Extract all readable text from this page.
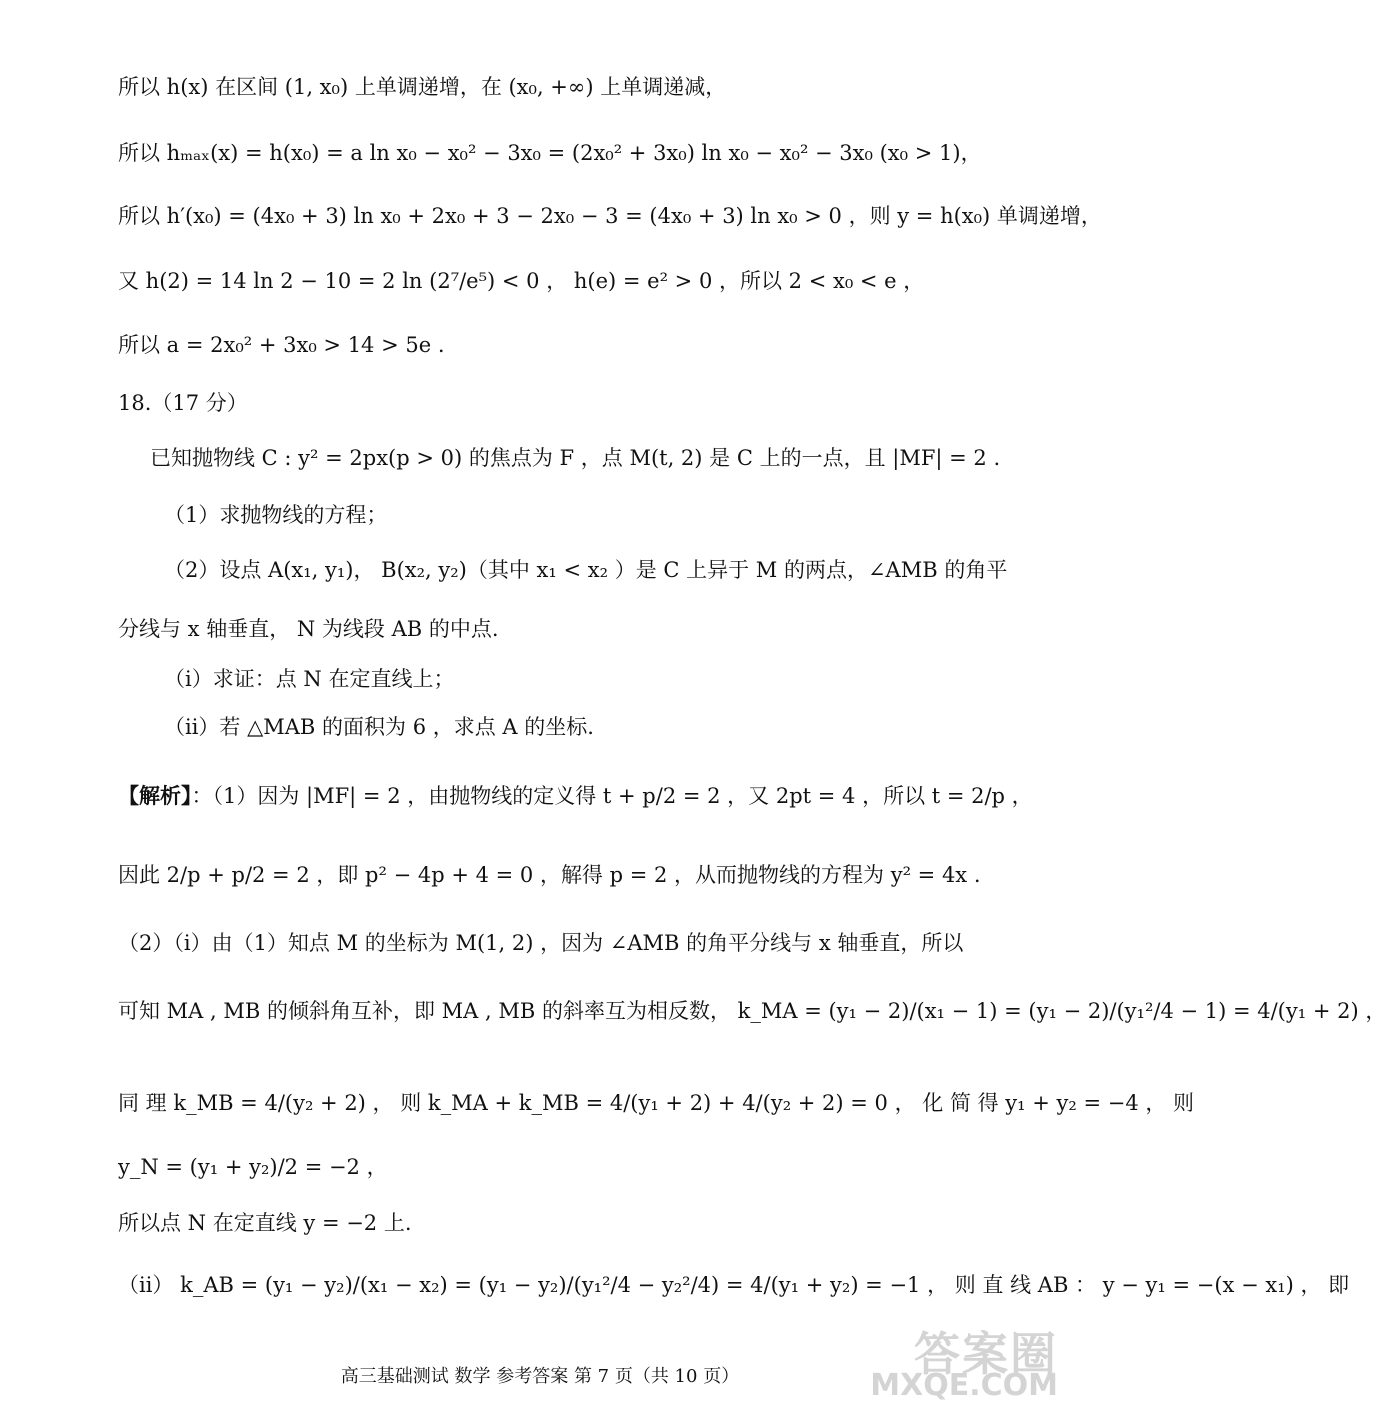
所以 h(x) 在区间 (1, x₀) 上单调递增，在 (x₀, +∞) 上单调递减，
所以 hₘₐₓ(x) = h(x₀) = a ln x₀ − x₀² − 3x₀ = (2x₀² + 3x₀) ln x₀ − x₀² − 3x₀ (x₀ > 1)，
所以 h′(x₀) = (4x₀ + 3) ln x₀ + 2x₀ + 3 − 2x₀ − 3 = (4x₀ + 3) ln x₀ > 0 ，则 y = h(x₀) 单调递增，
又 h(2) = 14 ln 2 − 10 = 2 ln (2⁷/e⁵) < 0 ， h(e) = e² > 0 ，所以 2 < x₀ < e ，
所以 a = 2x₀² + 3x₀ > 14 > 5e .
18.（17 分）
已知抛物线 C : y² = 2px(p > 0) 的焦点为 F ，点 M(t, 2) 是 C 上的一点，且 |MF| = 2 .
（1）求抛物线的方程；
（2）设点 A(x₁, y₁)， B(x₂, y₂)（其中 x₁ < x₂ ）是 C 上异于 M 的两点，∠AMB 的角平
分线与 x 轴垂直， N 为线段 AB 的中点.
（ⅰ）求证：点 N 在定直线上；
（ⅱ）若 △MAB 的面积为 6 ，求点 A 的坐标.
【解析】：（1）因为 |MF| = 2 ，由抛物线的定义得 t + p/2 = 2 ，又 2pt = 4 ，所以 t = 2/p ，
因此 2/p + p/2 = 2 ，即 p² − 4p + 4 = 0 ，解得 p = 2 ，从而抛物线的方程为 y² = 4x .
（2）（ⅰ）由（1）知点 M 的坐标为 M(1, 2) ，因为 ∠AMB 的角平分线与 x 轴垂直，所以
可知 MA , MB 的倾斜角互补，即 MA , MB 的斜率互为相反数， k_MA = (y₁ − 2)/(x₁ − 1) = (y₁ − 2)/(y₁²/4 − 1) = 4/(y₁ + 2) ，
同 理 k_MB = 4/(y₂ + 2) ， 则 k_MA + k_MB = 4/(y₁ + 2) + 4/(y₂ + 2) = 0 ， 化 简 得 y₁ + y₂ = −4 ， 则
y_N = (y₁ + y₂)/2 = −2 ，
所以点 N 在定直线 y = −2 上.
（ⅱ） k_AB = (y₁ − y₂)/(x₁ − x₂) = (y₁ − y₂)/(y₁²/4 − y₂²/4) = 4/(y₁ + y₂) = −1 ， 则 直 线 AB ： y − y₁ = −(x − x₁) ， 即
高三基础测试 数学 参考答案 第 7 页（共 10 页）	答案圈
MXQE.COM
